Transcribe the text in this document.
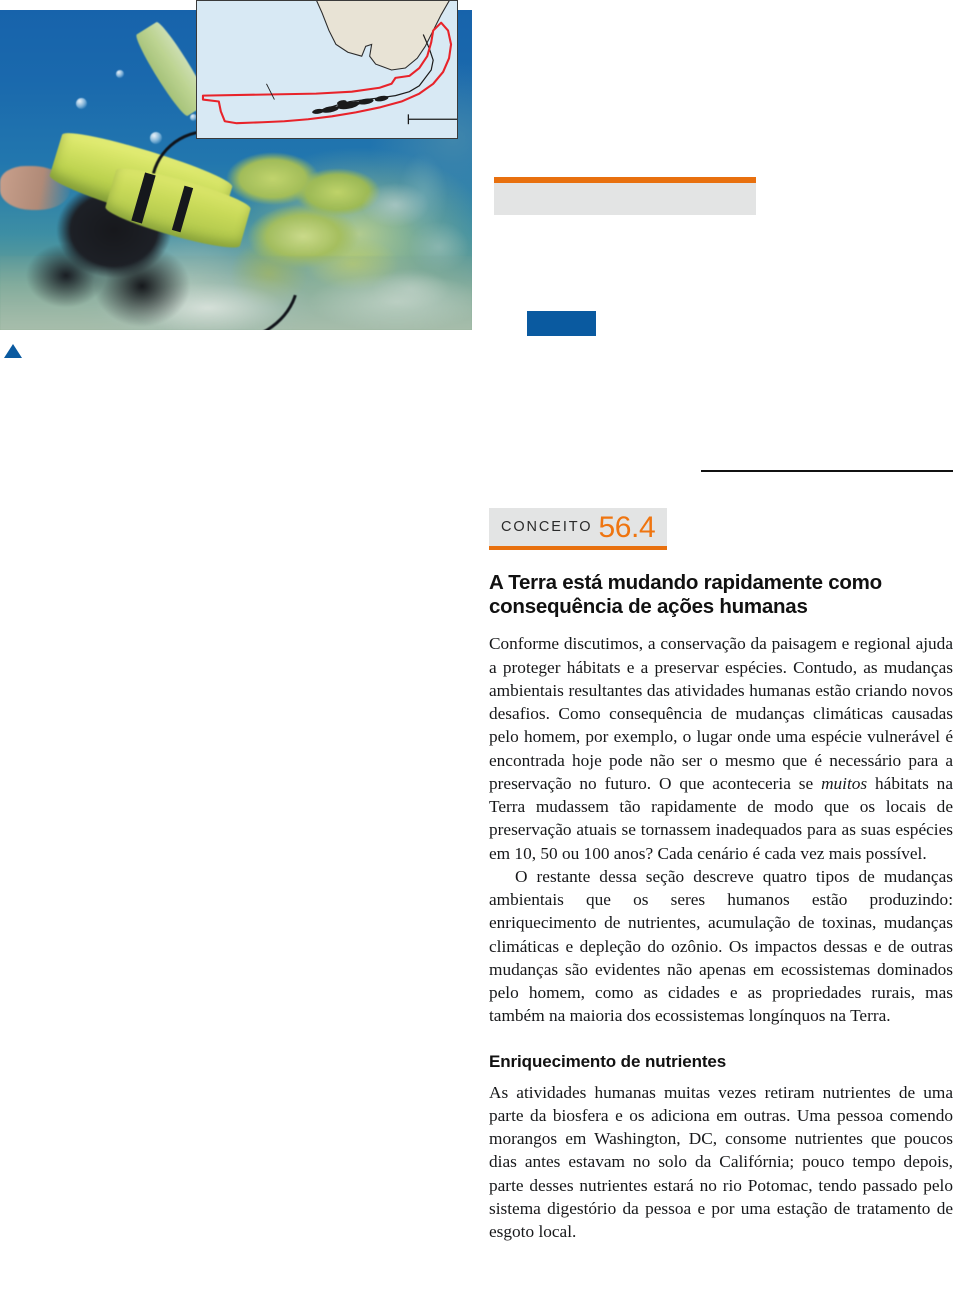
CONCEITO 56.4
A Terra está mudando rapidamente como consequência de ações humanas

Conforme discutimos, a conservação da paisagem e regional ajuda a proteger hábitats e a preservar espécies. Contudo, as mudanças ambientais resultantes das atividades humanas estão criando novos desafios. Como consequência de mudanças climáticas causadas pelo homem, por exemplo, o lugar onde uma espécie vulnerável é encontrada hoje pode não ser o mesmo que é necessário para a preservação no futuro. O que aconteceria se muitos hábitats na Terra mudassem tão rapidamente de modo que os locais de preservação atuais se tornassem inadequados para as suas espécies em 10, 50 ou 100 anos? Cada cenário é cada vez mais possível.

O restante dessa seção descreve quatro tipos de mudanças ambientais que os seres humanos estão produzindo: enriquecimento de nutrientes, acumulação de toxinas, mudanças climáticas e depleção do ozônio. Os impactos dessas e de outras mudanças são evidentes não apenas em ecossistemas dominados pelo homem, como as cidades e as propriedades rurais, mas também na maioria dos ecossistemas longínquos na Terra.

Enriquecimento de nutrientes

As atividades humanas muitas vezes retiram nutrientes de uma parte da biosfera e os adiciona em outras. Uma pessoa comendo morangos em Washington, DC, consome nutrientes que poucos dias antes estavam no solo da Califórnia; pouco tempo depois, parte desses nutrientes estará no rio Potomac, tendo passado pelo sistema digestório da pessoa e por uma estação de tratamento de esgoto local.
